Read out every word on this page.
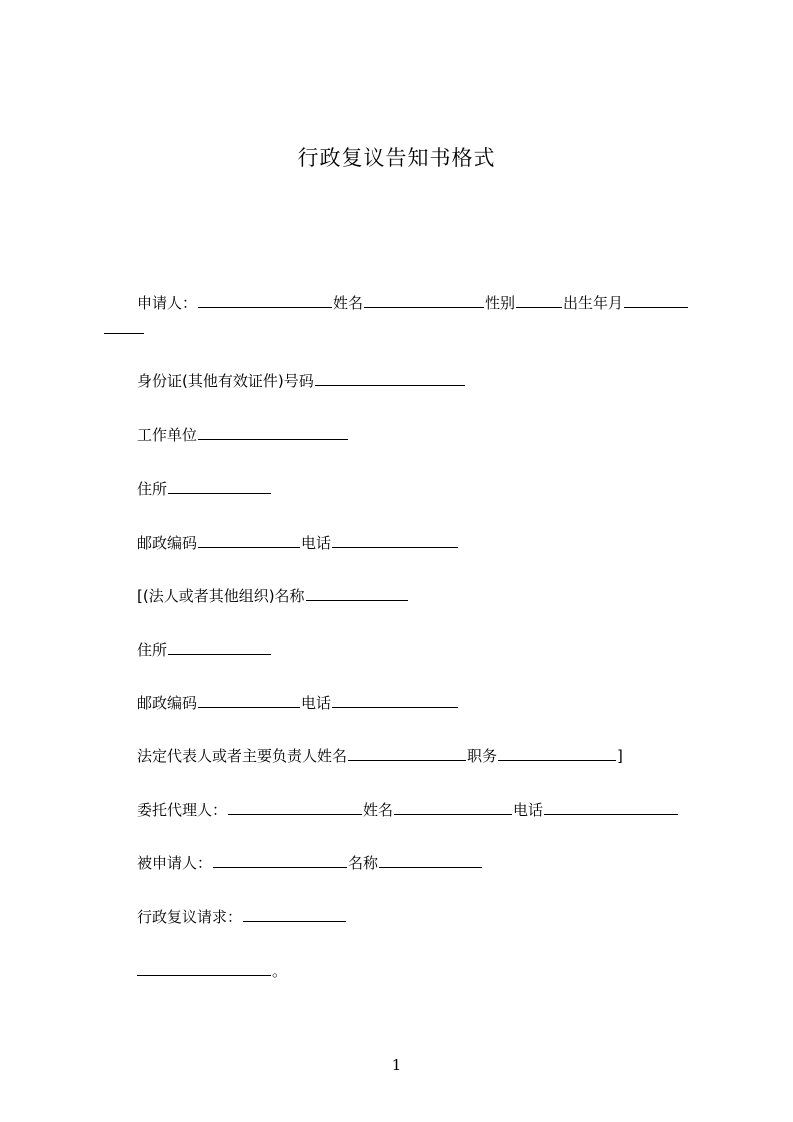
行政复议告知书格式
申请人：	姓名	性别	出生年月
身份证(其他有效证件)号码
工作单位
住所
邮政编码	电话
[(法人或者其他组织)名称
住所
邮政编码	电话
法定代表人或者主要负责人姓名	职务	]
委托代理人：	姓名	电话
被申请人：	名称
行政复议请求：
。
1
